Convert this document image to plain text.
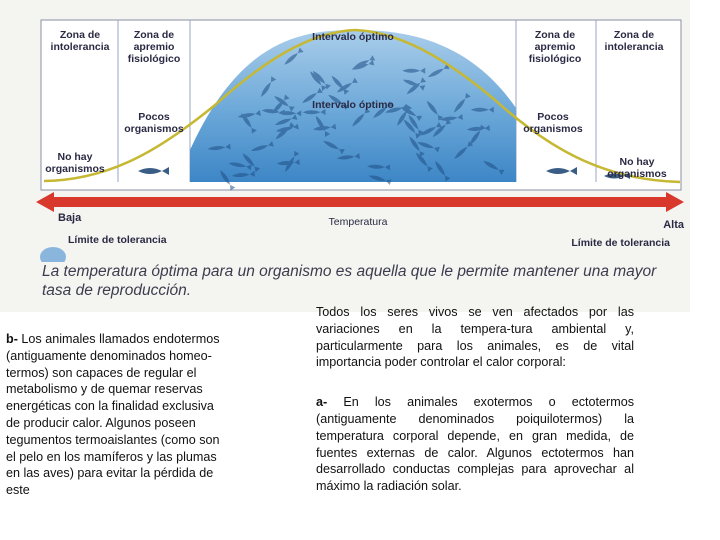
Zona de intolerancia
Zona de apremio fisiológico
Intervalo óptimo
Intervalo óptimo
Zona de apremio fisiológico
Zona de intolerancia
Pocos organismos
Pocos organismos
No hay organismos
No hay organismos
Baja
Alta
Temperatura
Límite de tolerancia	Límite de tolerancia
La temperatura óptima para un organismo es aquella que le permite mantener una mayor tasa de reproducción.

b- Los animales llamados endotermos (antiguamente denominados homeo-termos) son capaces de regular el metabolismo y de quemar reservas energéticas con la finalidad exclusiva de producir calor. Algunos poseen tegumentos termoaislantes (como son el pelo en los mamíferos y las plumas en las aves) para evitar la pérdida de este

Todos los seres vivos se ven afectados por las variaciones en la tempera-tura ambiental y, particularmente para los animales, es de vital importancia poder controlar el calor corporal:

a- En los animales exotermos o ectotermos (antiguamente denominados poiquilotermos) la temperatura corporal depende, en gran medida, de fuentes externas de calor. Algunos ectotermos han desarrollado conductas complejas para aprovechar al máximo la radiación solar.
